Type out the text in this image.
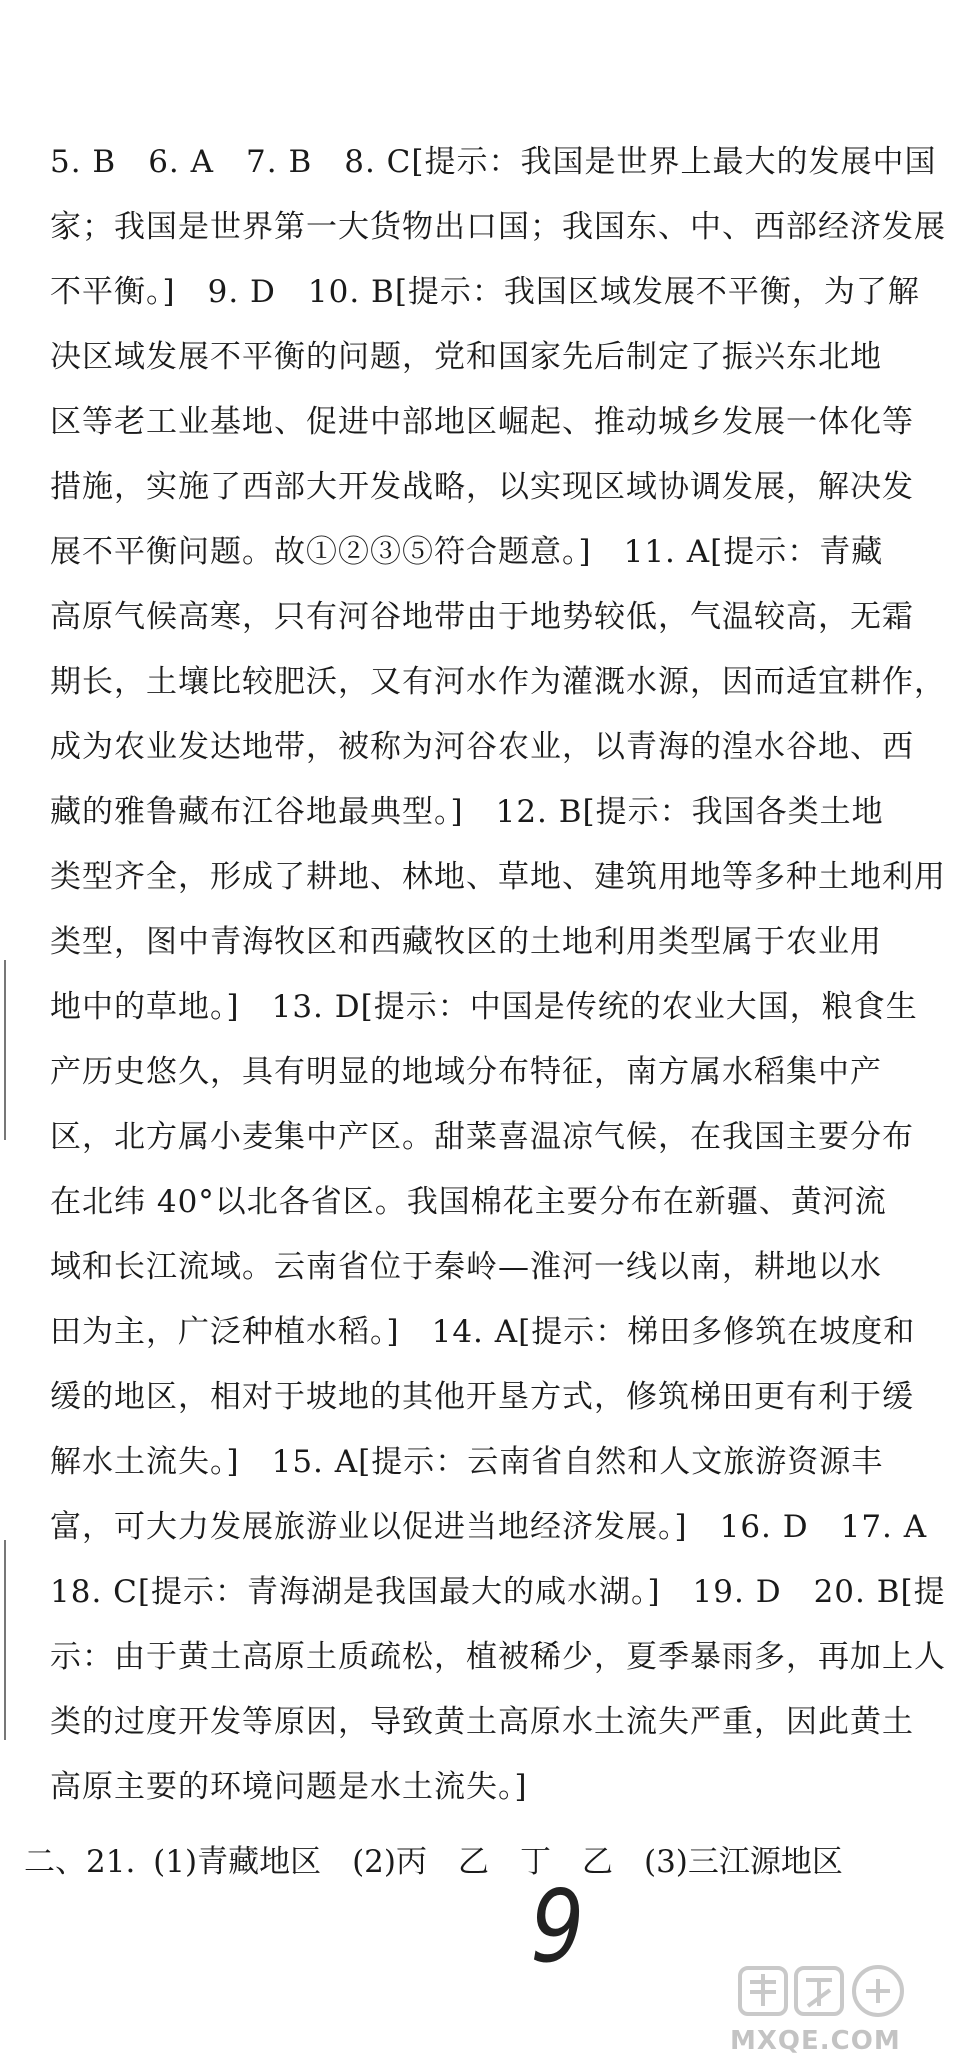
5. B　6. A　7. B　8. C[提示：我国是世界上最大的发展中国
家；我国是世界第一大货物出口国；我国东、中、西部经济发展
不平衡。]　9. D　10. B[提示：我国区域发展不平衡，为了解
决区域发展不平衡的问题，党和国家先后制定了振兴东北地
区等老工业基地、促进中部地区崛起、推动城乡发展一体化等
措施，实施了西部大开发战略，以实现区域协调发展，解决发
展不平衡问题。故①②③⑤符合题意。]　11. A[提示：青藏
高原气候高寒，只有河谷地带由于地势较低，气温较高，无霜
期长，土壤比较肥沃，又有河水作为灌溉水源，因而适宜耕作，
成为农业发达地带，被称为河谷农业，以青海的湟水谷地、西
藏的雅鲁藏布江谷地最典型。]　12. B[提示：我国各类土地
类型齐全，形成了耕地、林地、草地、建筑用地等多种土地利用
类型，图中青海牧区和西藏牧区的土地利用类型属于农业用
地中的草地。]　13. D[提示：中国是传统的农业大国，粮食生
产历史悠久，具有明显的地域分布特征，南方属水稻集中产
区，北方属小麦集中产区。甜菜喜温凉气候，在我国主要分布
在北纬 40°以北各省区。我国棉花主要分布在新疆、黄河流
域和长江流域。云南省位于秦岭—淮河一线以南，耕地以水
田为主，广泛种植水稻。]　14. A[提示：梯田多修筑在坡度和
缓的地区，相对于坡地的其他开垦方式，修筑梯田更有利于缓
解水土流失。]　15. A[提示：云南省自然和人文旅游资源丰
富，可大力发展旅游业以促进当地经济发展。]　16. D　17. A
18. C[提示：青海湖是我国最大的咸水湖。]　19. D　20. B[提
示：由于黄土高原土质疏松，植被稀少，夏季暴雨多，再加上人
类的过度开发等原因，导致黄土高原水土流失严重，因此黄土
高原主要的环境问题是水土流失。]
二、21. (1)青藏地区　(2)丙　乙　丁　乙　(3)三江源地区
9
MXQE.COM
